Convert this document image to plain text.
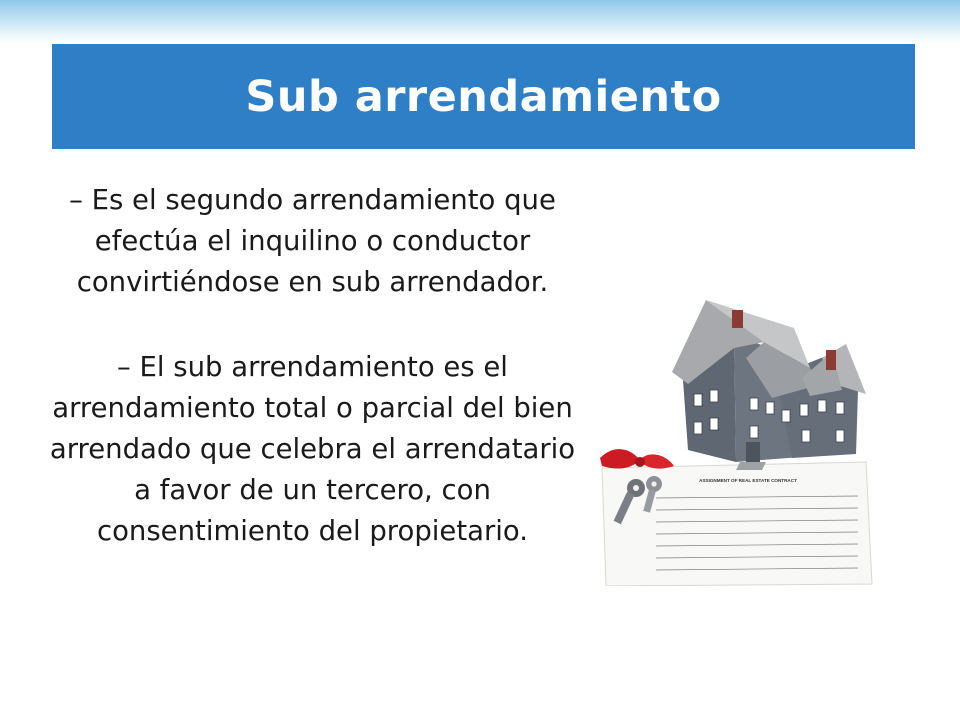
Sub arrendamiento

– Es el segundo arrendamiento que efectúa el inquilino o conductor convirtiéndose en sub arrendador.

– El sub arrendamiento es el arrendamiento total o parcial del bien arrendado que celebra el arrendatario a favor de un tercero, con consentimiento del propietario.

ASSIGNMENT OF REAL ESTATE CONTRACT
